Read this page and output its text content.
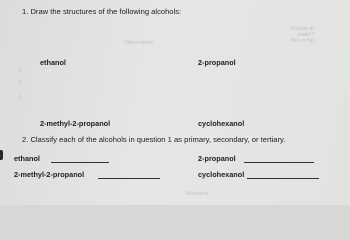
Observations
Soluble in
water?
Yes or No
2
3
4
Methanol
1. Draw the structures of the following alcohols:
ethanol	2-propanol
2-methyl-2-propanol	cyclohexanol
2. Classify each of the alcohols in question 1 as primary, secondary, or tertiary.
ethanol	2-propanol
2-methyl-2-propanol	cyclohexanol
